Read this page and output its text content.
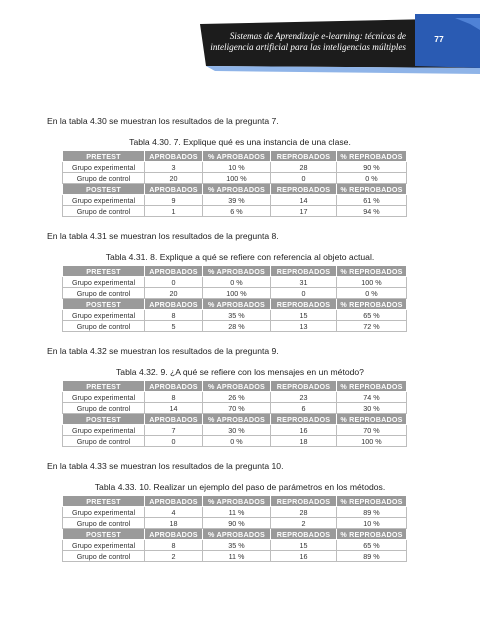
Sistemas de Aprendizaje e-learning: técnicas de
inteligencia artificial para las inteligencias múltiples
77
En la tabla 4.30 se muestran los resultados de la pregunta 7.
Tabla 4.30. 7. Explique qué es una instancia de una clase.
PRETEST	APROBADOS	% APROBADOS	REPROBADOS	% REPROBADOS
Grupo experimental	3	10 %	28	90 %
Grupo de control	20	100 %	0	0 %
POSTEST	APROBADOS	% APROBADOS	REPROBADOS	% REPROBADOS
Grupo experimental	9	39 %	14	61 %
Grupo de control	1	6 %	17	94 %
En la tabla 4.31 se muestran los resultados de la pregunta 8.
Tabla 4.31. 8. Explique a qué se refiere con referencia al objeto actual.
PRETEST	APROBADOS	% APROBADOS	REPROBADOS	% REPROBADOS
Grupo experimental	0	0 %	31	100 %
Grupo de control	20	100 %	0	0 %
POSTEST	APROBADOS	% APROBADOS	REPROBADOS	% REPROBADOS
Grupo experimental	8	35 %	15	65 %
Grupo de control	5	28 %	13	72 %
En la tabla 4.32 se muestran los resultados de la pregunta 9.
Tabla 4.32. 9. ¿A qué se refiere con los mensajes en un método?
PRETEST	APROBADOS	% APROBADOS	REPROBADOS	% REPROBADOS
Grupo experimental	8	26 %	23	74 %
Grupo de control	14	70 %	6	30 %
POSTEST	APROBADOS	% APROBADOS	REPROBADOS	% REPROBADOS
Grupo experimental	7	30 %	16	70 %
Grupo de control	0	0 %	18	100 %
En la tabla 4.33 se muestran los resultados de la pregunta 10.
Tabla 4.33. 10. Realizar un ejemplo del paso de parámetros en los métodos.
PRETEST	APROBADOS	% APROBADOS	REPROBADOS	% REPROBADOS
Grupo experimental	4	11 %	28	89 %
Grupo de control	18	90 %	2	10 %
POSTEST	APROBADOS	% APROBADOS	REPROBADOS	% REPROBADOS
Grupo experimental	8	35 %	15	65 %
Grupo de control	2	11 %	16	89 %
